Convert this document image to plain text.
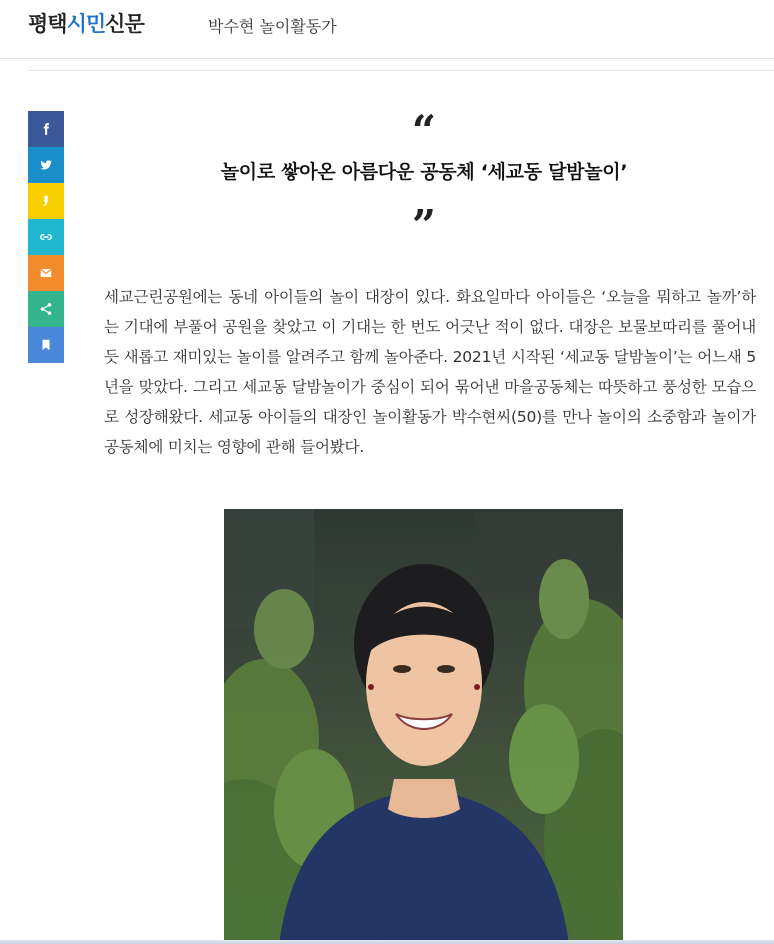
평택시민신문	박수현 놀이활동가
“
놀이로 쌓아온 아름다운 공동체 ‘세교동 달밤놀이’
”

세교근린공원에는 동네 아이들의 놀이 대장이 있다. 화요일마다 아이들은 ‘오늘을 뭐하고 놀까’하는 기대에 부풀어 공원을 찾았고 이 기대는 한 번도 어긋난 적이 없다. 대장은 보물보따리를 풀어내듯 새롭고 재미있는 놀이를 알려주고 함께 놀아준다. 2021년 시작된 ‘세교동 달밤놀이’는 어느새 5년을 맞았다. 그리고 세교동 달밤놀이가 중심이 되어 묶어낸 마을공동체는 따뜻하고 풍성한 모습으로 성장해왔다. 세교동 아이들의 대장인 놀이활동가 박수현씨(50)를 만나 놀이의 소중함과 놀이가 공동체에 미치는 영향에 관해 들어봤다.
